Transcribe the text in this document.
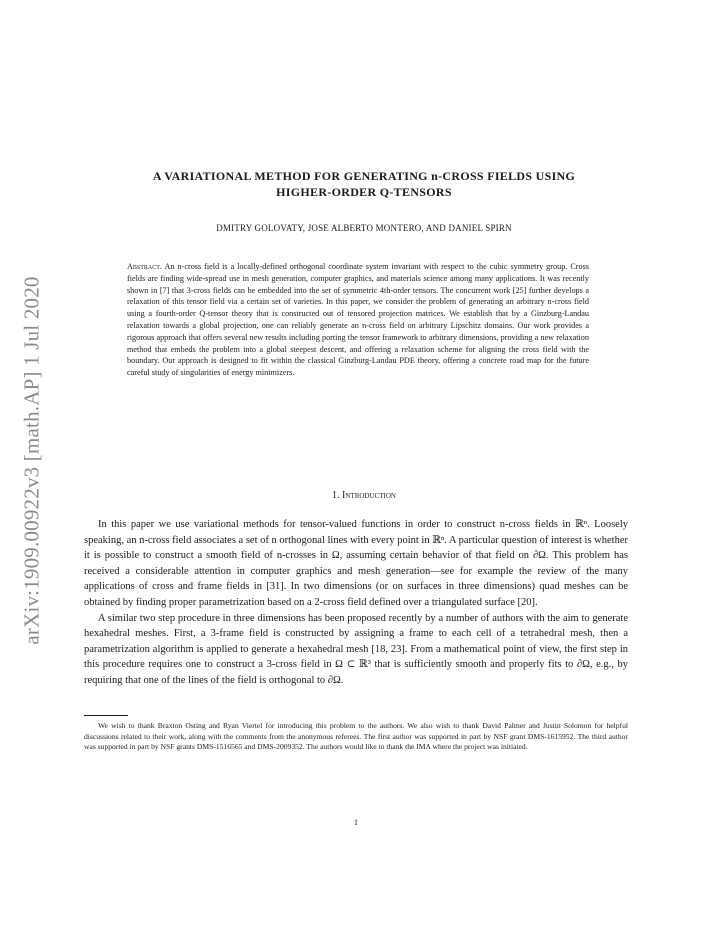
arXiv:1909.00922v3 [math.AP] 1 Jul 2020
A VARIATIONAL METHOD FOR GENERATING n-CROSS FIELDS USING
HIGHER-ORDER Q-TENSORS
DMITRY GOLOVATY, JOSE ALBERTO MONTERO, AND DANIEL SPIRN
Abstract. An n-cross field is a locally-defined orthogonal coordinate system invariant with respect to the cubic symmetry group. Cross fields are finding wide-spread use in mesh generation, computer graphics, and materials science among many applications. It was recently shown in [7] that 3-cross fields can be embedded into the set of symmetric 4th-order tensors. The concurrent work [25] further develops a relaxation of this tensor field via a certain set of varieties. In this paper, we consider the problem of generating an arbitrary n-cross field using a fourth-order Q-tensor theory that is constructed out of tensored projection matrices. We establish that by a Ginzburg-Landau relaxation towards a global projection, one can reliably generate an n-cross field on arbitrary Lipschitz domains. Our work provides a rigorous approach that offers several new results including porting the tensor framework to arbitrary dimensions, providing a new relaxation method that embeds the problem into a global steepest descent, and offering a relaxation scheme for aligning the cross field with the boundary. Our approach is designed to fit within the classical Ginzburg-Landau PDE theory, offering a concrete road map for the future careful study of singularities of energy minimizers.
1. Introduction

In this paper we use variational methods for tensor-valued functions in order to construct n-cross fields in ℝⁿ. Loosely speaking, an n-cross field associates a set of n orthogonal lines with every point in ℝⁿ. A particular question of interest is whether it is possible to construct a smooth field of n-crosses in Ω, assuming certain behavior of that field on ∂Ω. This problem has received a considerable attention in computer graphics and mesh generation—see for example the review of the many applications of cross and frame fields in [31]. In two dimensions (or on surfaces in three dimensions) quad meshes can be obtained by finding proper parametrization based on a 2-cross field defined over a triangulated surface [20].

A similar two step procedure in three dimensions has been proposed recently by a number of authors with the aim to generate hexahedral meshes. First, a 3-frame field is constructed by assigning a frame to each cell of a tetrahedral mesh, then a parametrization algorithm is applied to generate a hexahedral mesh [18, 23]. From a mathematical point of view, the first step in this procedure requires one to construct a 3-cross field in Ω ⊂ ℝ³ that is sufficiently smooth and properly fits to ∂Ω, e.g., by requiring that one of the lines of the field is orthogonal to ∂Ω.

We wish to thank Braxton Osting and Ryan Viertel for introducing this problem to the authors. We also wish to thank David Palmer and Justin Solomon for helpful discussions related to their work, along with the comments from the anonymous referees. The first author was supported in part by NSF grant DMS-1615952. The third author was supported in part by NSF grants DMS-1516565 and DMS-2009352. The authors would like to thank the IMA where the project was initiated.
1
